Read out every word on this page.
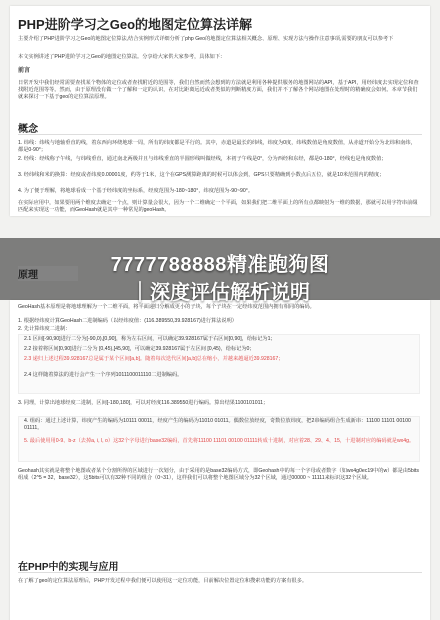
PHP进阶学习之Geo的地图定位算法详解
主要介绍了PHP进阶学习之Geo的地图定位算法,结合实例形式详细分析了php Geo的地图定位算法相关概念、原理、实现方法与操作注意事项,需要的朋友可以参考下
本文实例讲述了PHP进阶学习之Geo的地图定位算法。分享给大家供大家参考，具体如下：
前言
日常开发中我们经常需要查找某个物体的定位或者查找附近的范围等，我们自然而然会想到的方法就是利用各种提供服务的地图网站的API，基于API，用经纬度去实现定位和查找附近范围等等。然而，由于原理没有做一个了解和一定的认识，在对比距离远近或者类似的判断精度方面，我们并不了解各个网站地图在处理时的精确度会如何。本章节我们就来探讨一下基于geo的定位算法原理。
概念
1. 纬线：纬线与地轴垂直的线，着东西向环绕地球一周，所有的纬度都是平行的。其中，赤道是最长的纬线，纬度为0度，纬线数值是角度数值，从赤道开始分为北纬和南纬，都是0-90°；
2. 经线：经线称子午线，与纬线垂直，通过南北两极并且与纬线垂直的半圆形线叫做经线，本初子午线是0°，分为西经和东经，都是0-180°，经线也是角度数值；
3. 经纬线和米的换算：经度或者纬度0.00001度，约等于1米，这个在GPS测算距离的时候可以体会到，GPS只要精确到小数点后五位，就是10米范围内的精度；
4. 为了便于理解，将地球看成一个基于经纬度的坐标系，经度范围为-180~180°，纬度范围为-90~90°。
在实际应用中，如果要用两个维度去确定一个点，则计算量会很大，因为一个二维确定一个平面，如果我们把二维平面上的所有点都映射为一维的数据，那就可以用字符串前缀匹配来实现这一功能，而GeoHash就是其中一种常见的geoHash。
GeoHash基本原理是将地球理解为一个二维平面，将平面递归分解成更小的子块，每个子块在一定经纬度范围内拥有相同的编码。
1. 根据经纬度计算GeoHash二进制编码（以经纬度值：(116.389550,39.928167)进行算法说明）
2. 先计算纬度二进制：
2.1 区间[-90,90]进行二分为[-90,0),[0,90]，称为左右区间，可以确定39.928167属于右区间[0,90]，给标记为1；
2.2 接着将区间[0,90]进行二分为 [0,45),[45,90]，可以确定39.928167属于左区间 [0,45)，给标记为0；
2.3 递归上述过程39.928167总是属于某个区间[a,b]。随着每次迭代区间[a,b]总在缩小，并越来越逼近39.928167；
2.4 这样随着算法的进行会产生一个序列1011100011110二进制编码。
3. 同理，计算出地球经度二进制，区间[-180,180]，可以对经度116.389550进行编码。算出结果1100101011；
4. 组码：通过上述计算，纬度产生的编码为10111 00011，经度产生的编码为11010 01011。偶数位放经度，奇数位放纬度，把2串编码组合生成新串：11100 11101 00100 01111。
5. 最后使用用0-9、b-z（去掉a, i, l, o）这32个字母进行base32编码，首先将11100 11101 00100 01111转成十进制，对应着28、29、4、15，十进制对应的编码就是wx4g。
Geohash其实就是将整个地图或者某个分割所得的区域进行一次划分，由于采用的是base32编码方式，即Geohash中的每一个字母或者数字（如wx4g0ec19中的w）都是由5bits组成（2^5 = 32，base32），这5bits可以有32种不同的组合（0~31），这样我们可以将整个地图区域分为32个区域，通过00000 ~ 11111来标识这32个区域。
在PHP中的实现与应用
在了解了geo的定位算法原理后，PHP开发过程中我们便可以使用这一定位功能，目前解决位置定位和搜索功能的方案有很多。
7777788888精准跑狗图
｜深度评估解析说明
